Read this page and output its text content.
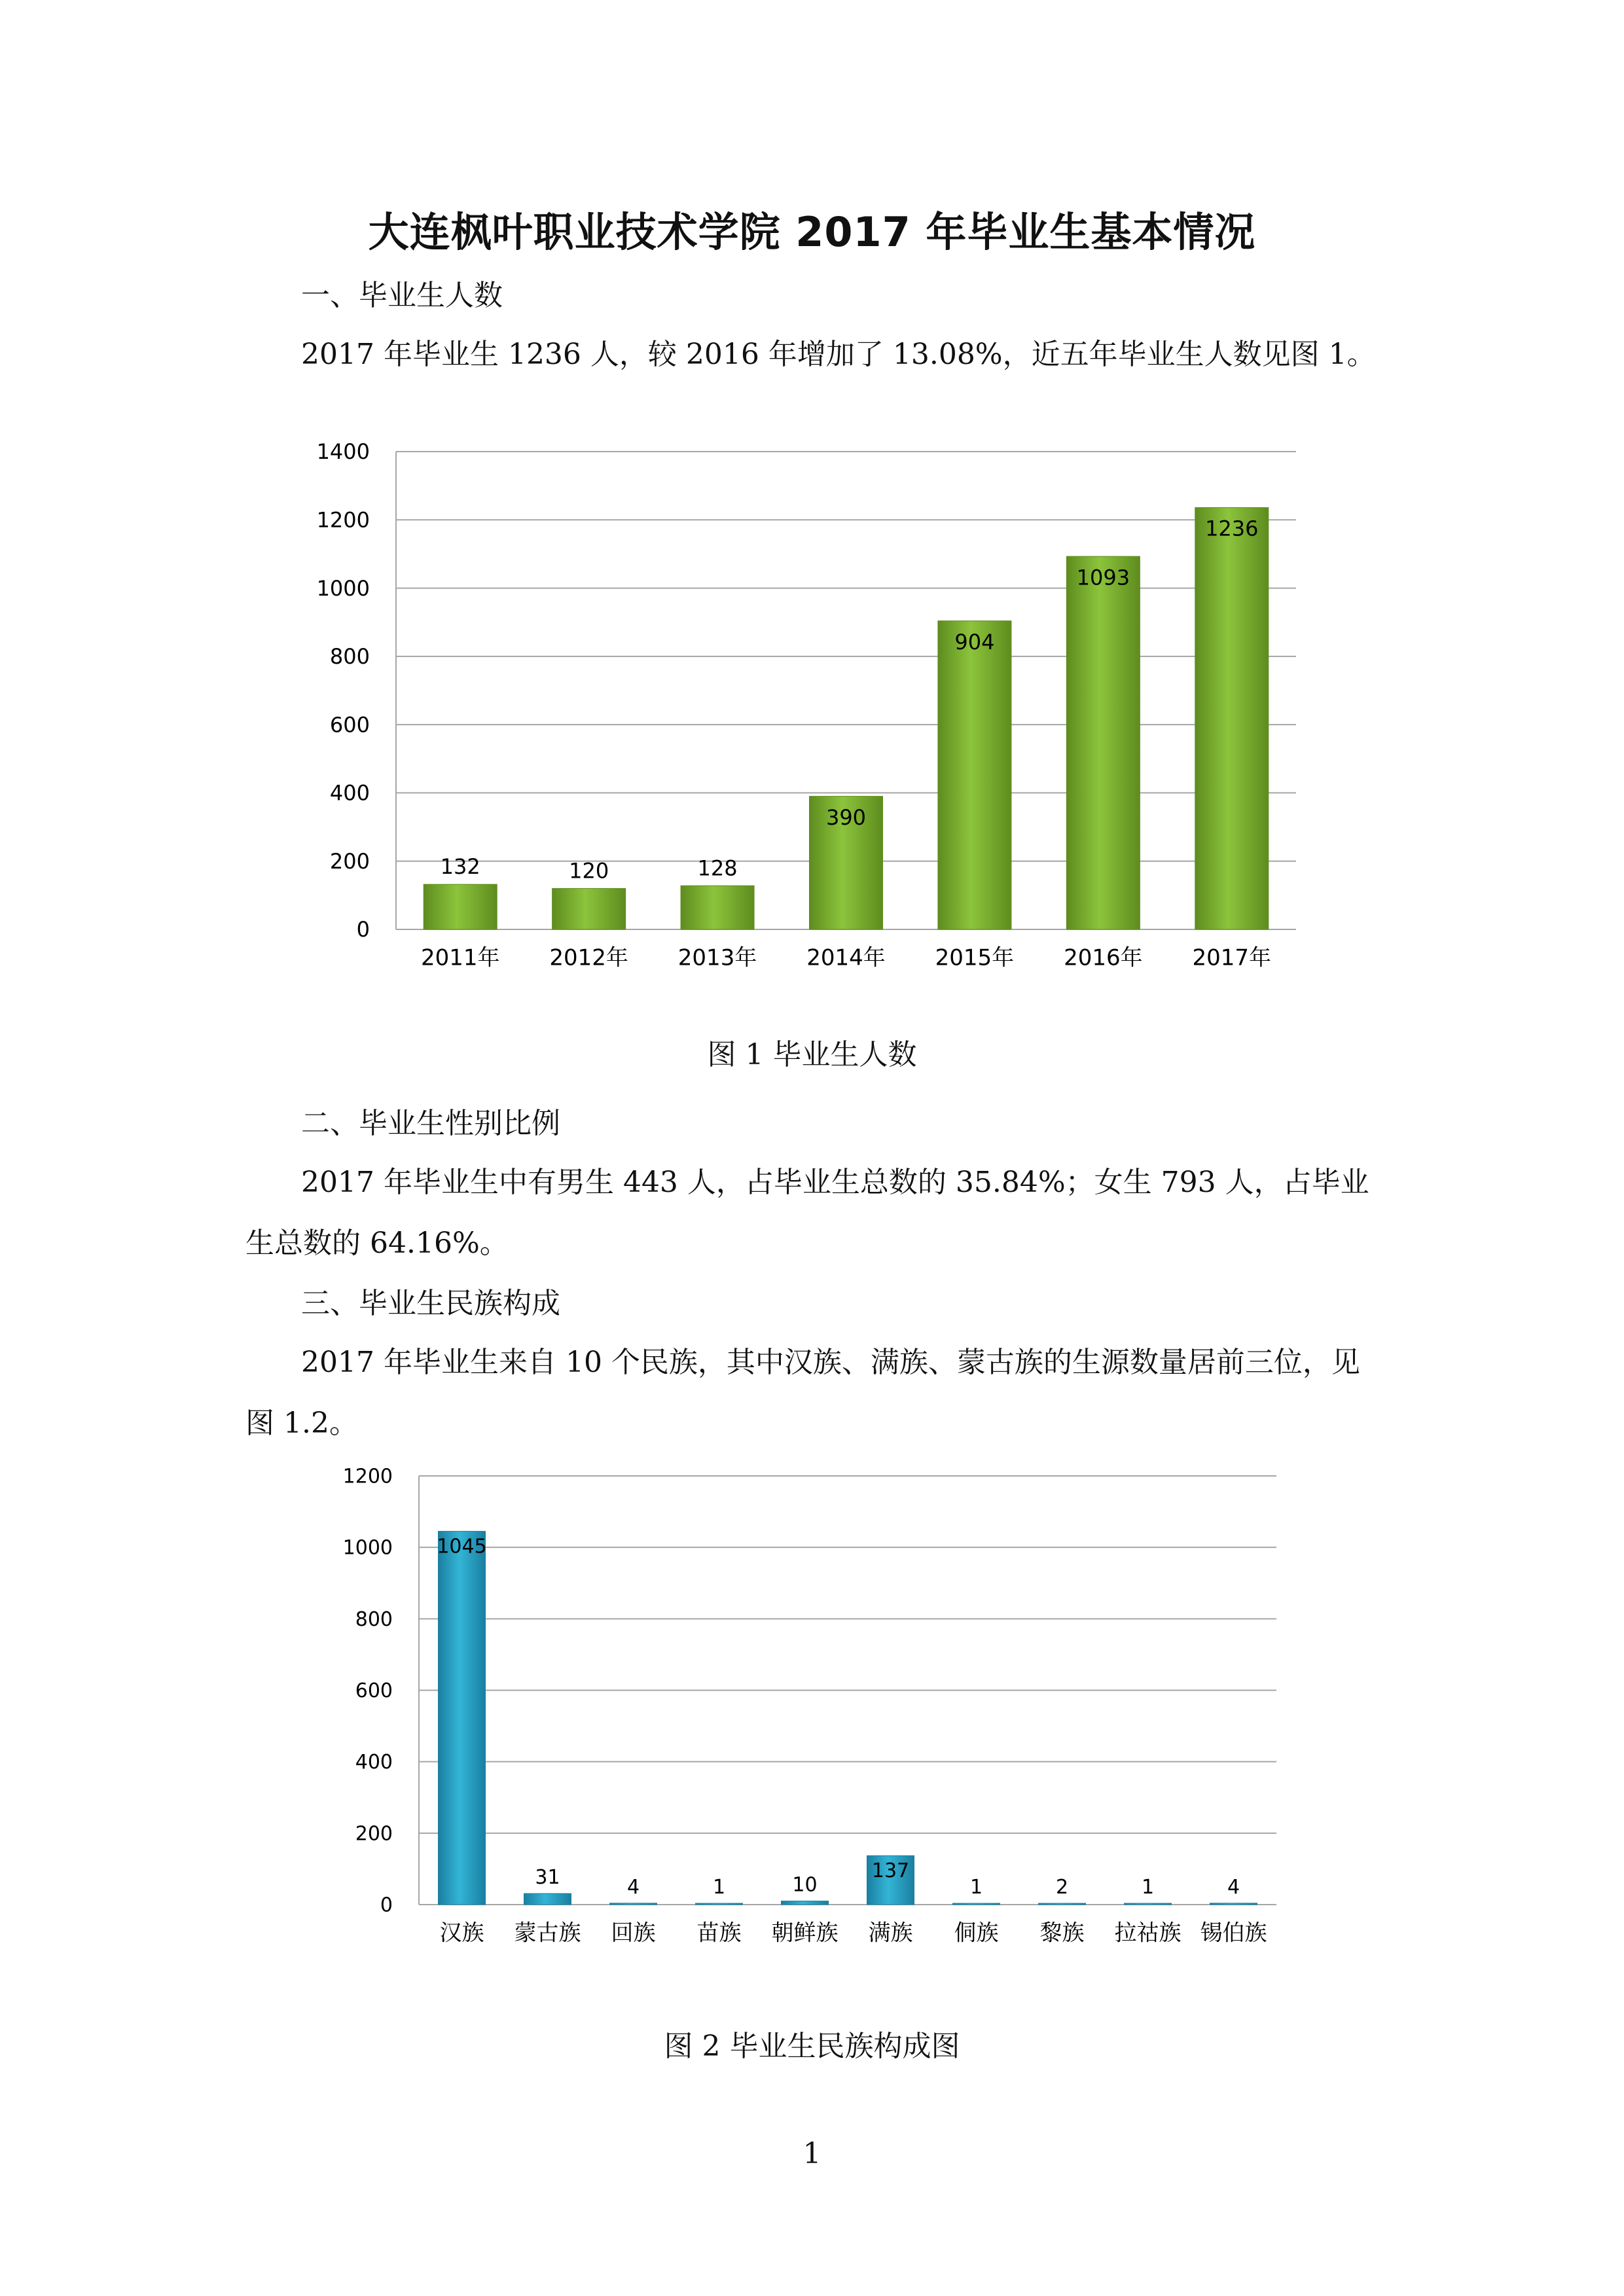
大连枫叶职业技术学院 2017 年毕业生基本情况

一、毕业生人数

2017 年毕业生 1236 人，较 2016 年增加了 13.08%，近五年毕业生人数见图 1。

0
200
400
600
800
1000
1200
1400
132
2011年
120
2012年
128
2013年
390
2014年
904
2015年
1093
2016年
1236
2017年

图 1 毕业生人数

二、毕业生性别比例

2017 年毕业生中有男生 443 人，占毕业生总数的 35.84%；女生 793 人，占毕业生总数的 64.16%。

三、毕业生民族构成

2017 年毕业生来自 10 个民族，其中汉族、满族、蒙古族的生源数量居前三位，见图 1.2。

0
200
400
600
800
1000
1200
1045
汉族
31
蒙古族
4
回族
1
苗族
10
朝鲜族
137
满族
1
侗族
2
黎族
1
拉祜族
4
锡伯族

图 2 毕业生民族构成图

1
